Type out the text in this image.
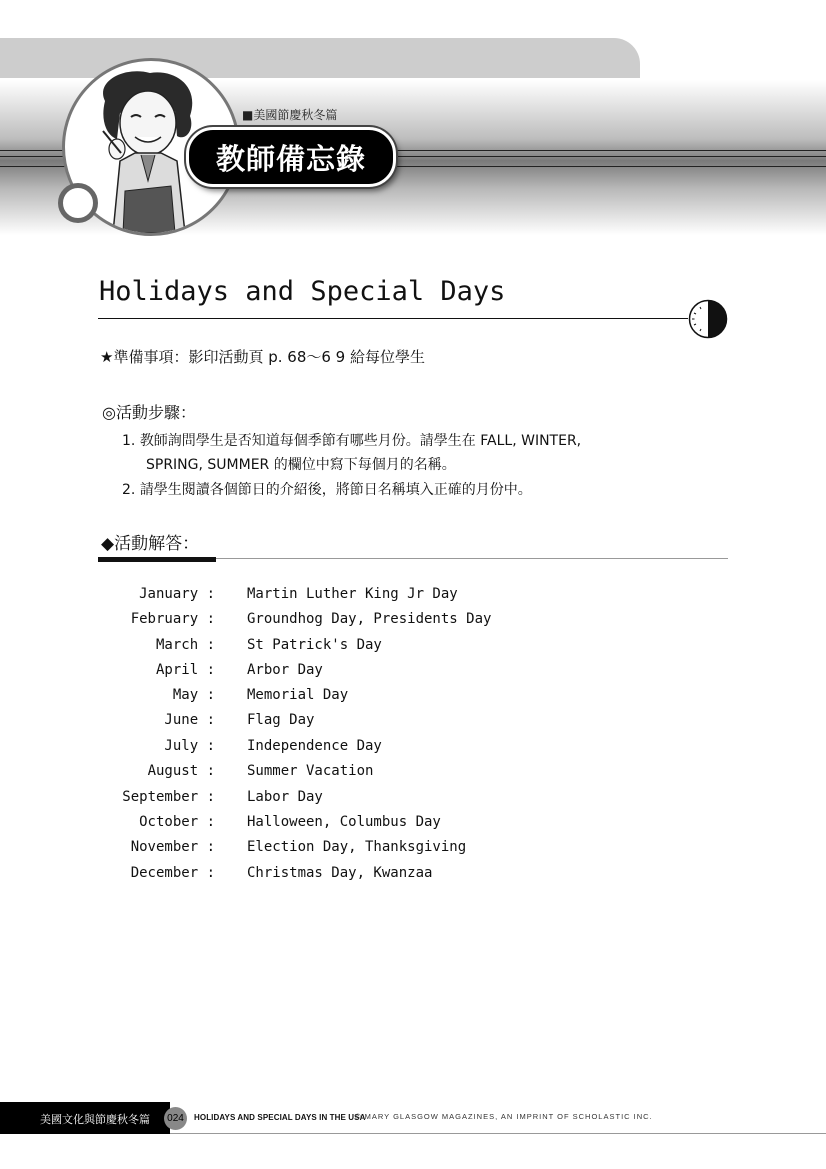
■美國節慶秋冬篇
教師備忘錄
Holidays and Special Days
★準備事項：影印活動頁 p. 68～6 9 給每位學生
◎活動步驟：
1. 教師詢問學生是否知道每個季節有哪些月份。請學生在 FALL, WINTER,
SPRING, SUMMER 的欄位中寫下每個月的名稱。
2. 請學生閱讀各個節日的介紹後，將節日名稱填入正確的月份中。
◆活動解答：
January : Martin Luther King Jr Day
February : Groundhog Day, Presidents Day
March : St Patrick's Day
April : Arbor Day
May : Memorial Day
June : Flag Day
July : Independence Day
August : Summer Vacation
September : Labor Day
October : Halloween, Columbus Day
November : Election Day, Thanksgiving
December : Christmas Day, Kwanzaa
美國文化與節慶秋冬篇	024	HOLIDAYS AND SPECIAL DAYS IN THE USA
© MARY GLASGOW MAGAZINES, AN IMPRINT OF SCHOLASTIC INC.
